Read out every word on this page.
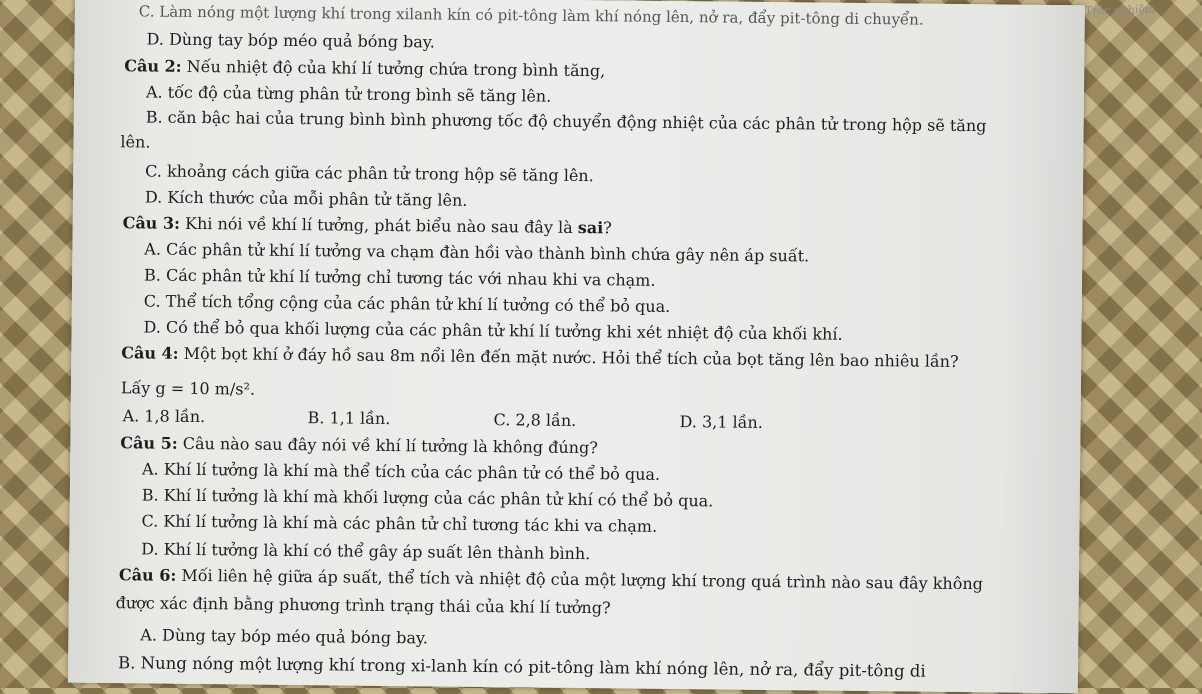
Trắc nghiệm
C. Làm nóng một lượng khí trong xilanh kín có pit-tông làm khí nóng lên, nở ra, đẩy pit-tông di chuyển.
D. Dùng tay bóp méo quả bóng bay.
Câu 2: Nếu nhiệt độ của khí lí tưởng chứa trong bình tăng,
A. tốc độ của từng phân tử trong bình sẽ tăng lên.
B. căn bậc hai của trung bình bình phương tốc độ chuyển động nhiệt của các phân tử trong hộp sẽ tăng
lên.
C. khoảng cách giữa các phân tử trong hộp sẽ tăng lên.
D. Kích thước của mỗi phân tử tăng lên.
Câu 3: Khi nói về khí lí tưởng, phát biểu nào sau đây là sai?
A. Các phân tử khí lí tưởng va chạm đàn hồi vào thành bình chứa gây nên áp suất.
B. Các phân tử khí lí tưởng chỉ tương tác với nhau khi va chạm.
C. Thể tích tổng cộng của các phân tử khí lí tưởng có thể bỏ qua.
D. Có thể bỏ qua khối lượng của các phân tử khí lí tưởng khi xét nhiệt độ của khối khí.
Câu 4: Một bọt khí ở đáy hồ sau 8m nổi lên đến mặt nước. Hỏi thể tích của bọt tăng lên bao nhiêu lần?
Lấy g = 10 m/s².
A. 1,8 lần.	B. 1,1 lần.	C. 2,8 lần.	D. 3,1 lần.
Câu 5: Câu nào sau đây nói về khí lí tưởng là không đúng?
A. Khí lí tưởng là khí mà thể tích của các phân tử có thể bỏ qua.
B. Khí lí tưởng là khí mà khối lượng của các phân tử khí có thể bỏ qua.
C. Khí lí tưởng là khí mà các phân tử chỉ tương tác khi va chạm.
D. Khí lí tưởng là khí có thể gây áp suất lên thành bình.
Câu 6: Mối liên hệ giữa áp suất, thể tích và nhiệt độ của một lượng khí trong quá trình nào sau đây không
được xác định bằng phương trình trạng thái của khí lí tưởng?
A. Dùng tay bóp méo quả bóng bay.
B. Nung nóng một lượng khí trong xi-lanh kín có pit-tông làm khí nóng lên, nở ra, đẩy pit-tông di
